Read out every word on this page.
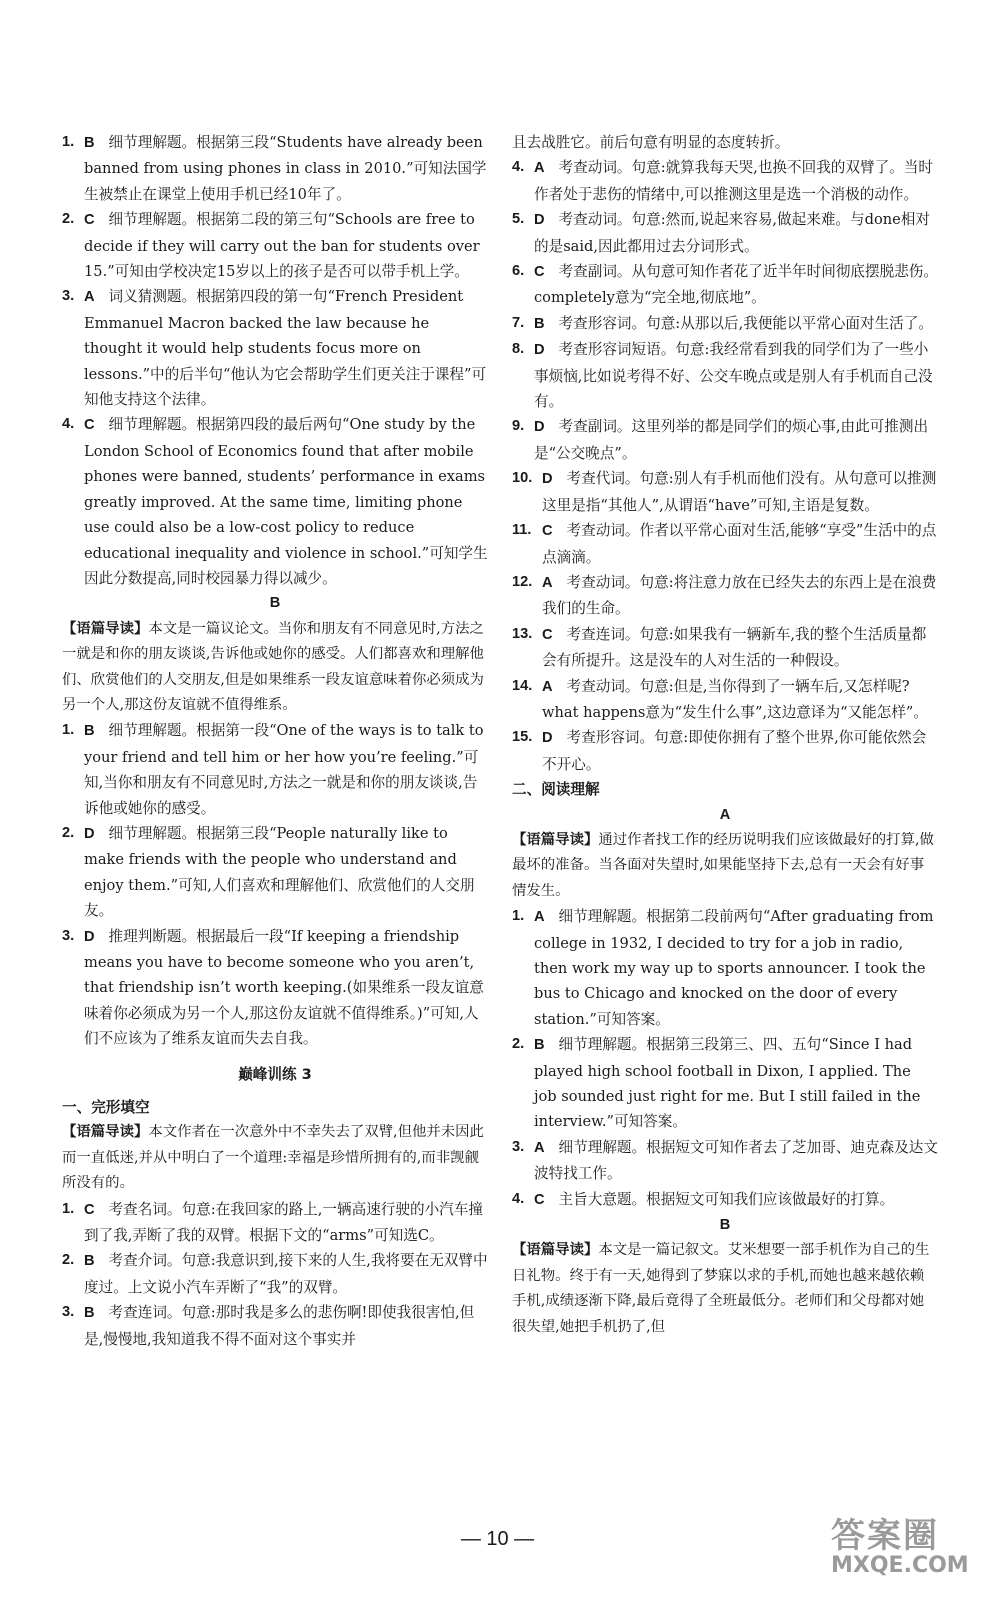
1. B 细节理解题。根据第三段“Students have already been banned from using phones in class in 2010.”可知法国学生被禁止在课堂上使用手机已经10年了。
2. C 细节理解题。根据第二段的第三句“Schools are free to decide if they will carry out the ban for students over 15.”可知由学校决定15岁以上的孩子是否可以带手机上学。
3. A 词义猜测题。根据第四段的第一句“French President Emmanuel Macron backed the law because he thought it would help students focus more on lessons.”中的后半句“他认为它会帮助学生们更关注于课程”可知他支持这个法律。
4. C 细节理解题。根据第四段的最后两句“One study by the London School of Economics found that after mobile phones were banned, students’ performance in exams greatly improved. At the same time, limiting phone use could also be a low-cost policy to reduce educational inequality and violence in school.”可知学生因此分数提高,同时校园暴力得以减少。
B
【语篇导读】本文是一篇议论文。当你和朋友有不同意见时,方法之一就是和你的朋友谈谈,告诉他或她你的感受。人们都喜欢和理解他们、欣赏他们的人交朋友,但是如果维系一段友谊意味着你必须成为另一个人,那这份友谊就不值得维系。
1. B 细节理解题。根据第一段“One of the ways is to talk to your friend and tell him or her how you’re feeling.”可知,当你和朋友有不同意见时,方法之一就是和你的朋友谈谈,告诉他或她你的感受。
2. D 细节理解题。根据第三段“People naturally like to make friends with the people who understand and enjoy them.”可知,人们喜欢和理解他们、欣赏他们的人交朋友。
3. D 推理判断题。根据最后一段“If keeping a friendship means you have to become someone who you aren’t, that friendship isn’t worth keeping.(如果维系一段友谊意味着你必须成为另一个人,那这份友谊就不值得维系。)”可知,人们不应该为了维系友谊而失去自我。
巅峰训练 3
一、完形填空
【语篇导读】本文作者在一次意外中不幸失去了双臂,但他并未因此而一直低迷,并从中明白了一个道理:幸福是珍惜所拥有的,而非觊觎所没有的。
1. C 考查名词。句意:在我回家的路上,一辆高速行驶的小汽车撞到了我,弄断了我的双臂。根据下文的“arms”可知选C。
2. B 考查介词。句意:我意识到,接下来的人生,我将要在无双臂中度过。上文说小汽车弄断了“我”的双臂。
3. B 考查连词。句意:那时我是多么的悲伤啊!即使我很害怕,但是,慢慢地,我知道我不得不面对这个事实并
且去战胜它。前后句意有明显的态度转折。
4. A 考查动词。句意:就算我每天哭,也换不回我的双臂了。当时作者处于悲伤的情绪中,可以推测这里是选一个消极的动作。
5. D 考查动词。句意:然而,说起来容易,做起来难。与done相对的是said,因此都用过去分词形式。
6. C 考查副词。从句意可知作者花了近半年时间彻底摆脱悲伤。completely意为“完全地,彻底地”。
7. B 考查形容词。句意:从那以后,我便能以平常心面对生活了。
8. D 考查形容词短语。句意:我经常看到我的同学们为了一些小事烦恼,比如说考得不好、公交车晚点或是别人有手机而自己没有。
9. D 考查副词。这里列举的都是同学们的烦心事,由此可推测出是“公交晚点”。
10. D 考查代词。句意:别人有手机而他们没有。从句意可以推测这里是指“其他人”,从谓语“have”可知,主语是复数。
11. C 考查动词。作者以平常心面对生活,能够“享受”生活中的点点滴滴。
12. A 考查动词。句意:将注意力放在已经失去的东西上是在浪费我们的生命。
13. C 考查连词。句意:如果我有一辆新车,我的整个生活质量都会有所提升。这是没车的人对生活的一种假设。
14. A 考查动词。句意:但是,当你得到了一辆车后,又怎样呢? what happens意为“发生什么事”,这边意译为“又能怎样”。
15. D 考查形容词。句意:即使你拥有了整个世界,你可能依然会不开心。
二、阅读理解
A
【语篇导读】通过作者找工作的经历说明我们应该做最好的打算,做最坏的准备。当各面对失望时,如果能坚持下去,总有一天会有好事情发生。
1. A 细节理解题。根据第二段前两句“After graduating from college in 1932, I decided to try for a job in radio, then work my way up to sports announcer. I took the bus to Chicago and knocked on the door of every station.”可知答案。
2. B 细节理解题。根据第三段第三、四、五句“Since I had played high school football in Dixon, I applied. The job sounded just right for me. But I still failed in the interview.”可知答案。
3. A 细节理解题。根据短文可知作者去了芝加哥、迪克森及达文波特找工作。
4. C 主旨大意题。根据短文可知我们应该做最好的打算。
B
【语篇导读】本文是一篇记叙文。艾米想要一部手机作为自己的生日礼物。终于有一天,她得到了梦寐以求的手机,而她也越来越依赖手机,成绩逐渐下降,最后竟得了全班最低分。老师们和父母都对她很失望,她把手机扔了,但
— 10 —	答案圈
MXQE.COM
